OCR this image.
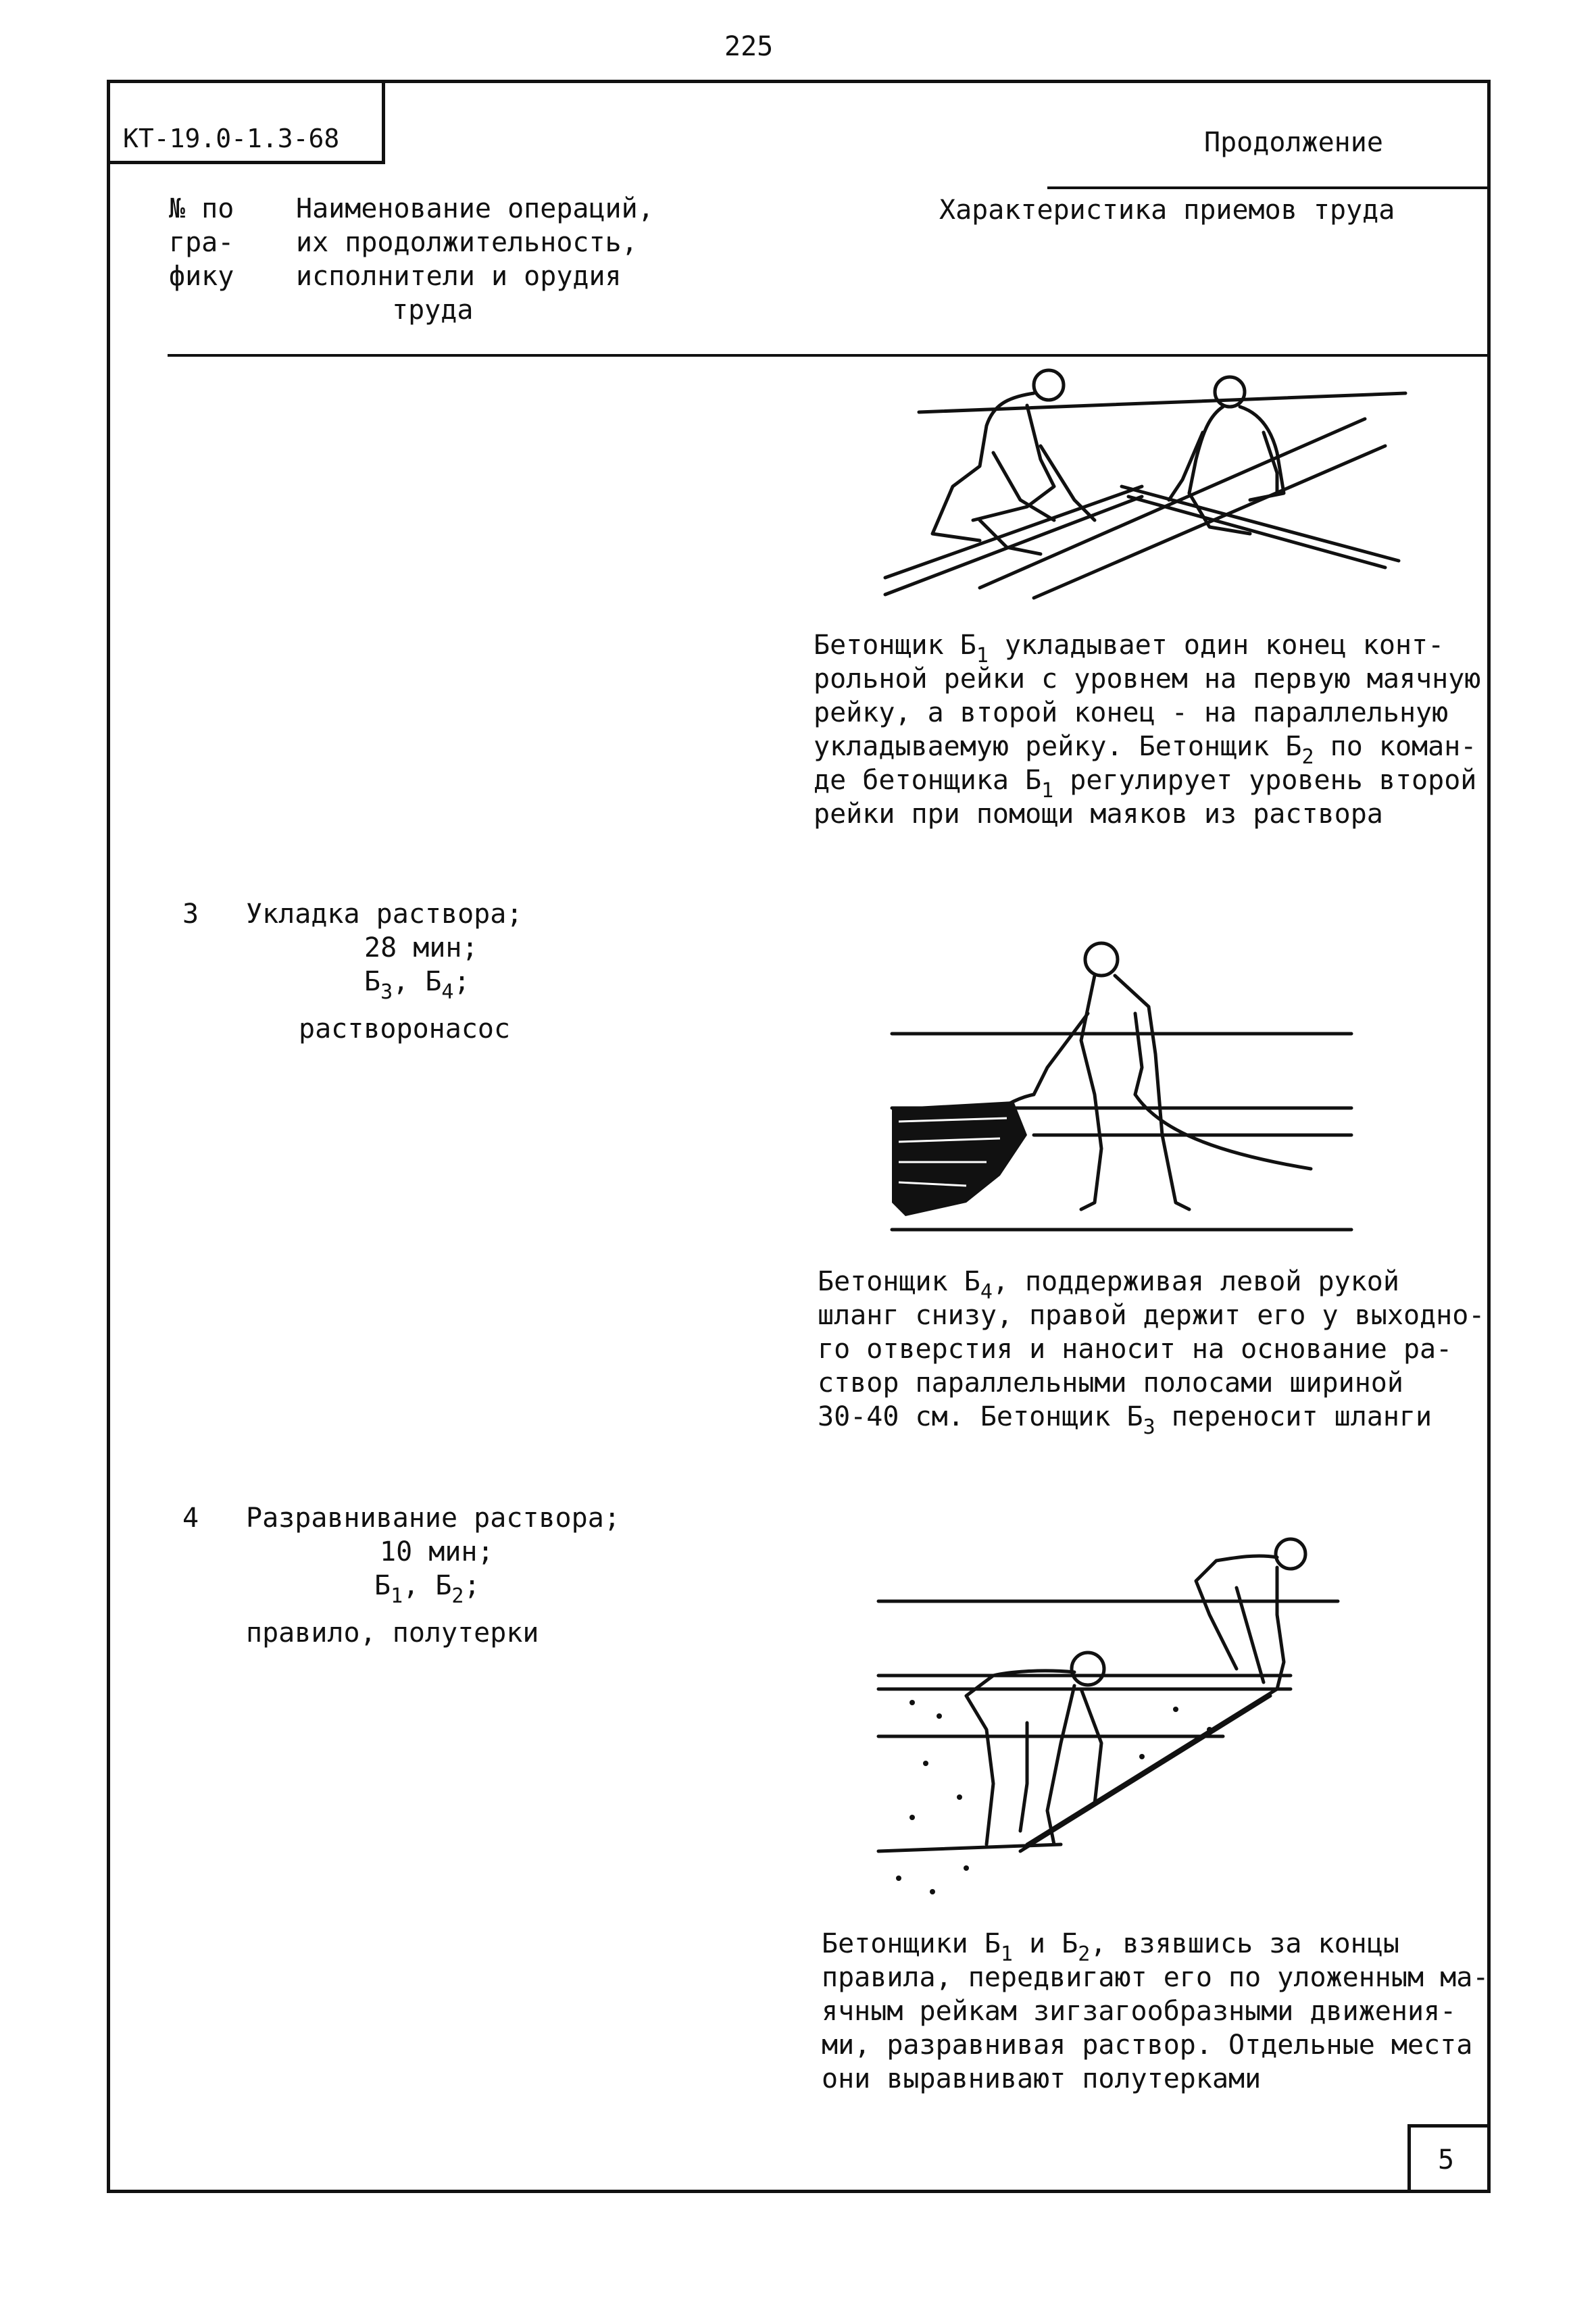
225
КТ-19.0-1.3-68	Продолжение
№ по
гра-
фику
Наименование операций,
их продолжительность,
исполнители и орудия
труда
Характеристика приемов труда
Бетонщик $Б_1$ укладывает один конец конт-
рольной рейки с уровнем на первую маячную
рейку, а второй конец - на параллельную
укладываемую рейку. Бетонщик $Б_2$ по коман-
де бетонщика $Б_1$ регулирует уровень второй
рейки при помощи маяков из раствора
3 Укладка раствора;
28 мин;
$Б_3$, $Б_4$;
растворонасос
Бетонщик $Б_4$, поддерживая левой рукой
шланг снизу, правой держит его у выходно-
го отверстия и наносит на основание ра-
створ параллельными полосами шириной
30-40 см. Бетонщик $Б_3$ переносит шланги
4 Разравнивание раствора;
10 мин;
$Б_1$, $Б_2$;
правило, полутерки
Бетонщики $Б_1$ и $Б_2$, взявшись за концы
правила, передвигают его по уложенным ма-
ячным рейкам зигзагообразными движения-
ми, разравнивая раствор. Отдельные места
они выравнивают полутерками
5
